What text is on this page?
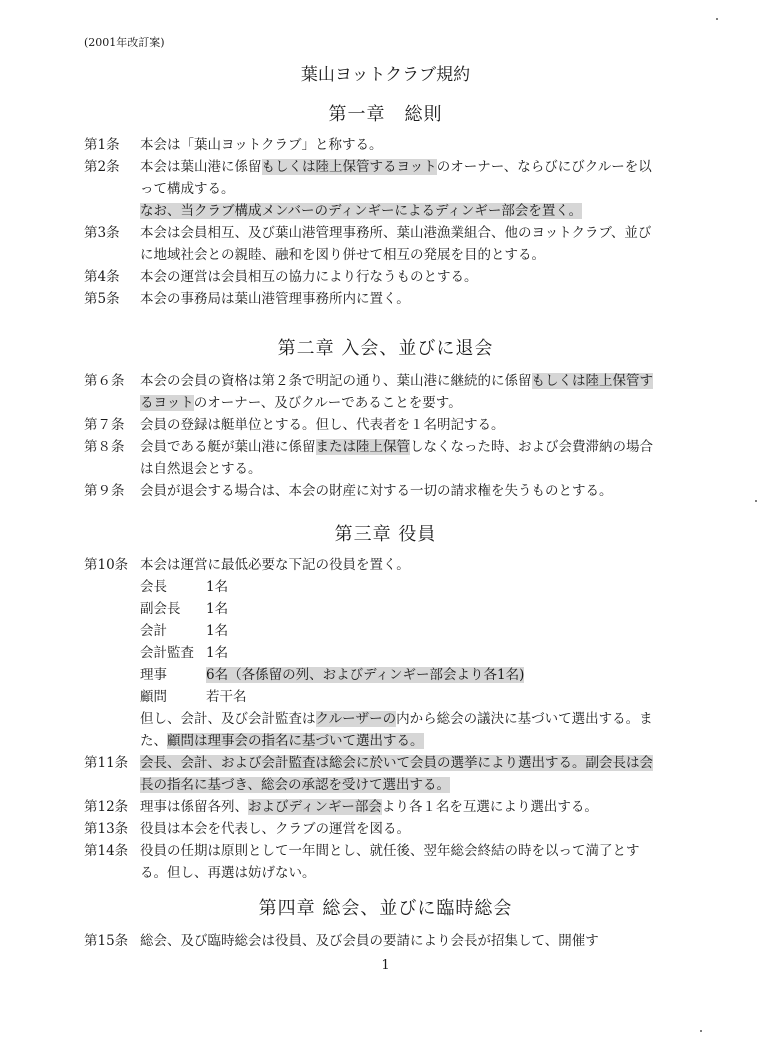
(2001年改訂案)
葉山ヨットクラブ規約
第一章　総則
第1条 本会は「葉山ヨットクラブ」と称する。
第2条 本会は葉山港に係留もしくは陸上保管するヨットのオーナー、ならびにびクルーを以って構成する。
なお、当クラブ構成メンバーのディンギーによるディンギー部会を置く。
第3条 本会は会員相互、及び葉山港管理事務所、葉山港漁業組合、他のヨットクラブ、並びに地域社会との親睦、融和を図り併せて相互の発展を目的とする。
第4条 本会の運営は会員相互の協力により行なうものとする。
第5条 本会の事務局は葉山港管理事務所内に置く。
第二章 入会、並びに退会
第６条 本会の会員の資格は第２条で明記の通り、葉山港に継続的に係留もしくは陸上保管するヨットのオーナー、及びクルーであることを要す。
第７条 会員の登録は艇単位とする。但し、代表者を１名明記する。
第８条 会員である艇が葉山港に係留または陸上保管しなくなった時、および会費滞納の場合は自然退会とする。
第９条 会員が退会する場合は、本会の財産に対する一切の請求権を失うものとする。
第三章 役員
第10条 本会は運営に最低必要な下記の役員を置く。
会長	1名
副会長 1名
会計	1名
会計監査 1名
理事	6名（各係留の列、およびディンギー部会より各1名)
顧問	若干名
但し、会計、及び会計監査はクルーザーの内から総会の議決に基づいて選出する。また、顧問は理事会の指名に基づいて選出する。
第11条 会長、会計、および会計監査は総会に於いて会員の選挙により選出する。副会長は会長の指名に基づき、総会の承認を受けて選出する。
第12条 理事は係留各列、およびディンギー部会より各１名を互選により選出する。
第13条 役員は本会を代表し、クラブの運営を図る。
第14条 役員の任期は原則として一年間とし、就任後、翌年総会終結の時を以って満了とする。但し、再選は妨げない。
第四章 総会、並びに臨時総会
第15条 総会、及び臨時総会は役員、及び会員の要請により会長が招集して、開催す
1
